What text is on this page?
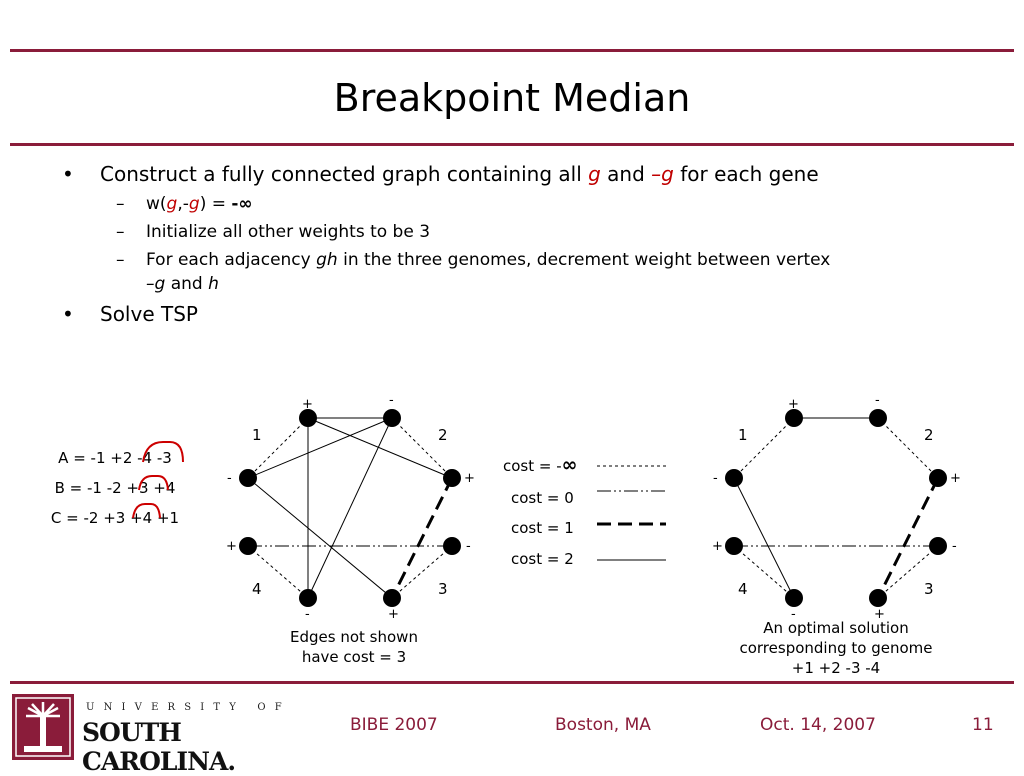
Breakpoint Median
• Construct a fully connected graph containing all g and –g for each gene
– w(g,-g) = -∞
– Initialize all other weights to be 3
– For each adjacency gh in the three genomes, decrement weight between vertex
–g and h
• Solve TSP
A = -1 +2 -4 -3
B = -1 -2 +3 +4
C = -2 +3 +4 +1
1	2
4	3
+	-
+
-
+	-
+
-
Edges not shown
have cost = 3
cost = -∞
cost = 0
cost = 1
cost = 2
1	2
4	3
+	-
+
-
+	-
+
-
An optimal solution
corresponding to genome
+1 +2 -3 -4
U N I V E R S I T Y   O F
SOUTH CAROLINA.
BIBE 2007	Boston, MA	Oct. 14, 2007	11
